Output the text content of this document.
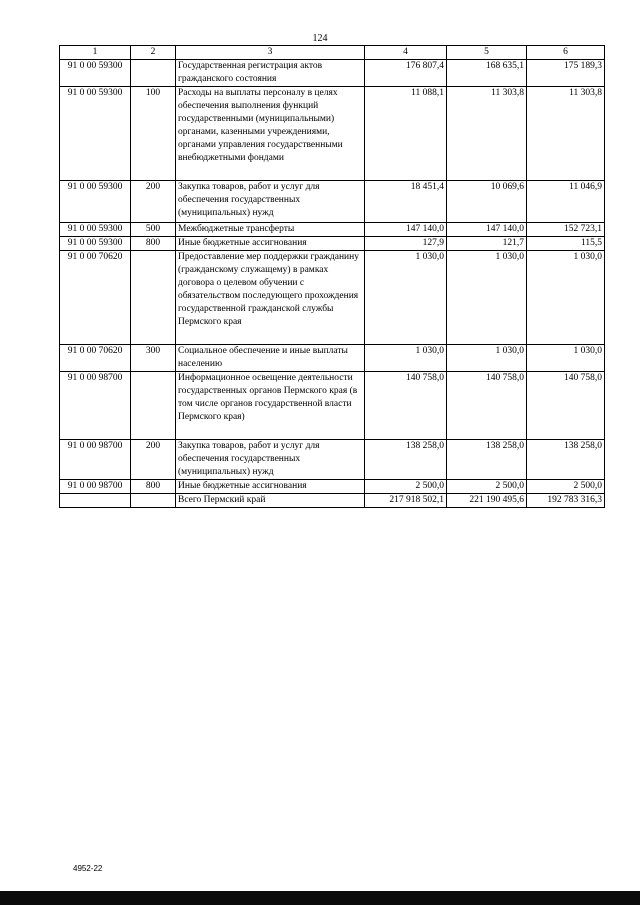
124
1	2	3	4	5	6
91 0 00 59300		Государственная регистрация актов гражданского состояния	176 807,4	168 635,1	175 189,3
91 0 00 59300	100	Расходы на выплаты персоналу в целях обеспечения выполнения функций государственными (муниципальными) органами, казенными учреждениями, органами управления государственными внебюджетными фондами	11 088,1	11 303,8	11 303,8
91 0 00 59300	200	Закупка товаров, работ и услуг для обеспечения государственных (муниципальных) нужд	18 451,4	10 069,6	11 046,9
91 0 00 59300	500	Межбюджетные трансферты	147 140,0	147 140,0	152 723,1
91 0 00 59300	800	Иные бюджетные ассигнования	127,9	121,7	115,5
91 0 00 70620		Предоставление мер поддержки гражданину (гражданскому служащему) в рамках договора о целевом обучении с обязательством последующего прохождения государственной гражданской службы Пермского края	1 030,0	1 030,0	1 030,0
91 0 00 70620	300	Социальное обеспечение и иные выплаты населению	1 030,0	1 030,0	1 030,0
91 0 00 98700		Информационное освещение деятельности государственных органов Пермского края (в том числе органов государственной власти Пермского края)	140 758,0	140 758,0	140 758,0
91 0 00 98700	200	Закупка товаров, работ и услуг для обеспечения государственных (муниципальных) нужд	138 258,0	138 258,0	138 258,0
91 0 00 98700	800	Иные бюджетные ассигнования	2 500,0	2 500,0	2 500,0
		Всего Пермский край	217 918 502,1	221 190 495,6	192 783 316,3
4952-22
